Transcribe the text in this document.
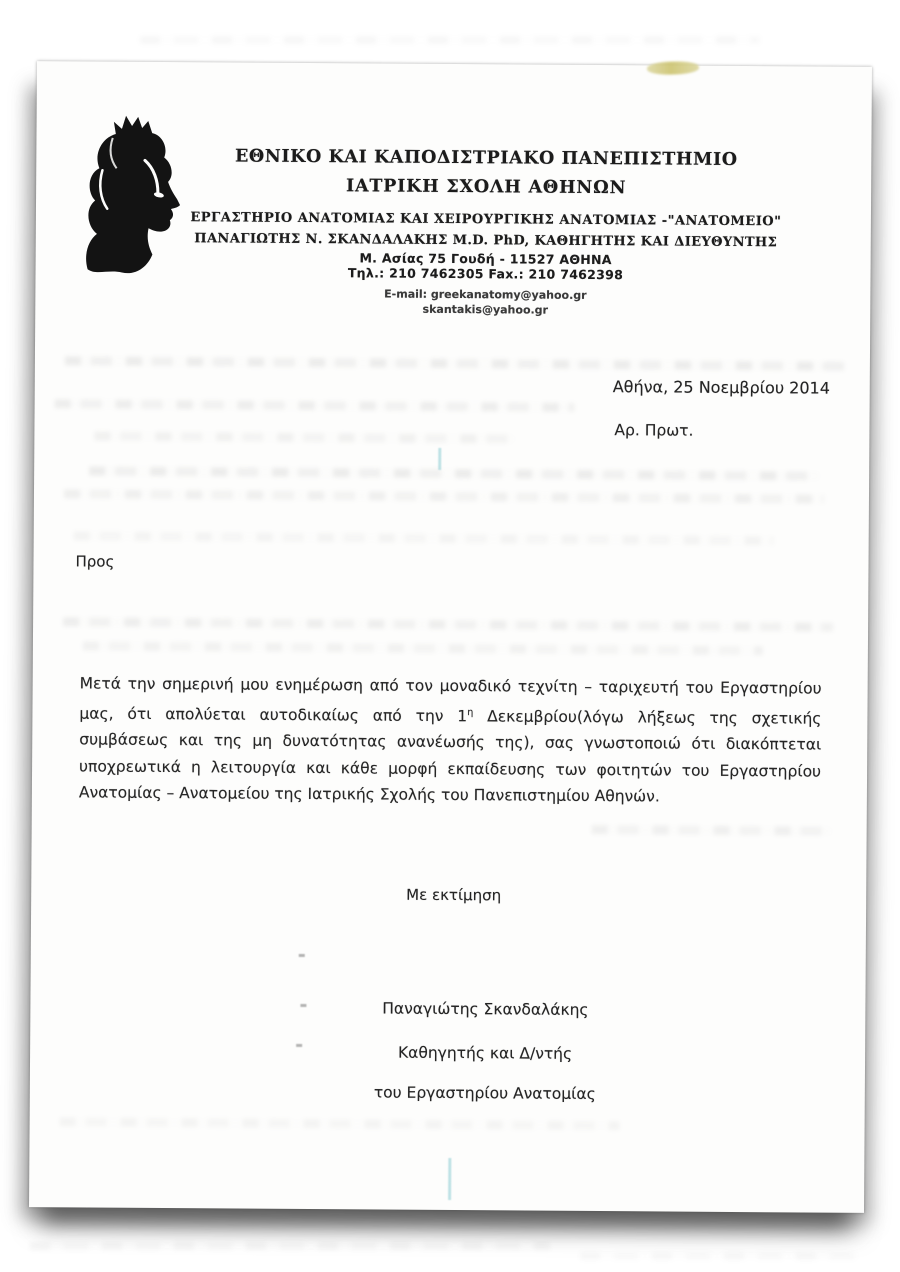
ΕΘΝΙΚΟ ΚΑΙ ΚΑΠΟΔΙΣΤΡΙΑΚΟ ΠΑΝΕΠΙΣΤΗΜΙΟ
ΙΑΤΡΙΚΗ ΣΧΟΛΗ ΑΘΗΝΩΝ
ΕΡΓΑΣΤΗΡΙΟ ΑΝΑΤΟΜΙΑΣ ΚΑΙ ΧΕΙΡΟΥΡΓΙΚΗΣ ΑΝΑΤΟΜΙΑΣ -"ΑΝΑΤΟΜΕΙΟ"
ΠΑΝΑΓΙΩΤΗΣ Ν. ΣΚΑΝΔΑΛΑΚΗΣ M.D. PhD, ΚΑΘΗΓΗΤΗΣ ΚΑΙ ΔΙΕΥΘΥΝΤΗΣ
Μ. Ασίας 75 Γουδή - 11527 ΑΘΗΝΑ
Τηλ.: 210 7462305 Fax.: 210 7462398
E-mail: greekanatomy@yahoo.gr
skantakis@yahoo.gr
Αθήνα, 25 Νοεμβρίου 2014
Αρ. Πρωτ.
Προς
Μετά την σημερινή μου ενημέρωση από τον μοναδικό τεχνίτη – ταριχευτή του Εργαστηρίου μας, ότι απολύεται αυτοδικαίως από την $1^\eta$ Δεκεμβρίου(λόγω λήξεως της σχετικής συμβάσεως και της μη δυνατότητας ανανέωσής της), σας γνωστοποιώ ότι διακόπτεται υποχρεωτικά η λειτουργία και κάθε μορφή εκπαίδευσης των φοιτητών του Εργαστηρίου Ανατομίας – Ανατομείου της Ιατρικής Σχολής του Πανεπιστημίου Αθηνών.
Με εκτίμηση
Παναγιώτης Σκανδαλάκης
Καθηγητής και Δ/ντής
του Εργαστηρίου Ανατομίας
